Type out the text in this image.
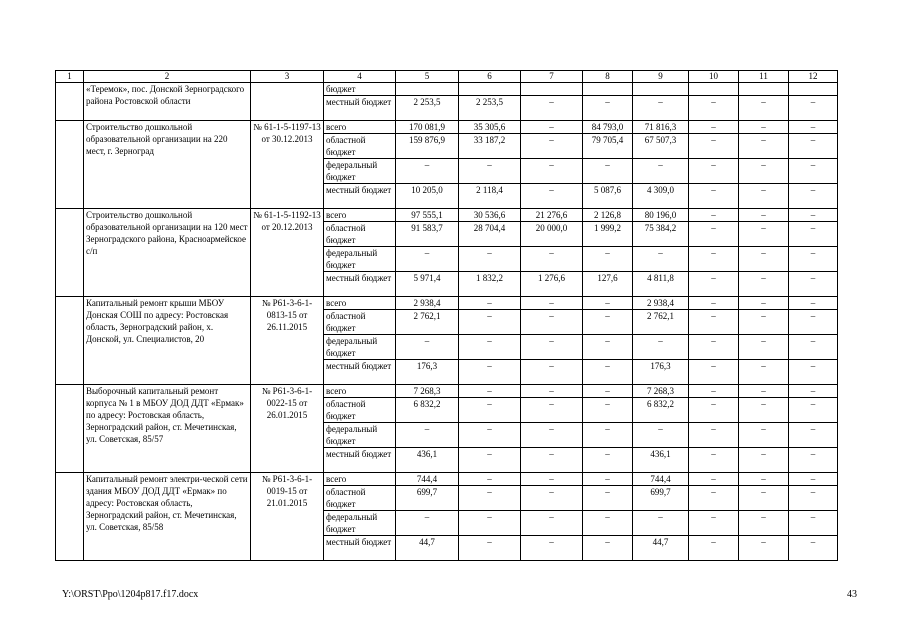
1	2	3	4	5	6	7	8	9	10	11	12
	«Теремок», пос. Донской Зерноградского района Ростовской области		бюджет								
			местный бюджет	2 253,5	2 253,5	–	–	–	–	–	–
	Строительство дошкольной образовательной организации на 220 мест, г. Зерноград	№ 61-1-5-1197-13 от 30.12.2013	всего	170 081,9	35 305,6	–	84 793,0	71 816,3	–	–	–
			областной бюджет	159 876,9	33 187,2	–	79 705,4	67 507,3	–	–	–
			федеральный бюджет	–	–	–	–	–	–	–	–
			местный бюджет	10 205,0	2 118,4	–	5 087,6	4 309,0	–	–	–
	Строительство дошкольной образовательной организации на 120 мест Зерноградского района, Красноармейское с/п	№ 61-1-5-1192-13 от 20.12.2013	всего	97 555,1	30 536,6	21 276,6	2 126,8	80 196,0	–	–	–
			областной бюджет	91 583,7	28 704,4	20 000,0	1 999,2	75 384,2	–	–	–
			федеральный бюджет	–	–	–	–	–	–	–	–
			местный бюджет	5 971,4	1 832,2	1 276,6	127,6	4 811,8	–	–	–
	Капитальный ремонт крыши МБОУ Донская СОШ по адресу: Ростовская область, Зерноградский район, х. Донской, ул. Специалистов, 20	№ Р61-3-6-1-0813-15 от 26.11.2015	всего	2 938,4	–	–	–	2 938,4	–	–	–
			областной бюджет	2 762,1	–	–	–	2 762,1	–	–	–
			федеральный бюджет	–	–	–	–	–	–	–	–
			местный бюджет	176,3	–	–	–	176,3	–	–	–
	Выборочный капитальный ремонт корпуса № 1 в МБОУ ДОД ДДТ «Ермак» по адресу: Ростовская область, Зерноградский район, ст. Мечетинская, ул. Советская, 85/57	№ Р61-3-6-1-0022-15 от 26.01.2015	всего	7 268,3	–	–	–	7 268,3	–	–	–
			областной бюджет	6 832,2	–	–	–	6 832,2	–	–	–
			федеральный бюджет	–	–	–	–	–	–	–	–
			местный бюджет	436,1	–	–	–	436,1	–	–	–
	Капитальный ремонт электри-ческой сети здания МБОУ ДОД ДДТ «Ермак» по адресу: Ростовская область, Зерноградский район, ст. Мечетинская, ул. Советская, 85/58	№ Р61-3-6-1-0019-15 от 21.01.2015	всего	744,4	–	–	–	744,4	–	–	–
			областной бюджет	699,7	–	–	–	699,7	–	–	–
			федеральный бюджет	–	–	–	–	–	–	–	–
			местный бюджет	44,7	–	–	–	44,7	–	–	–
Y:\ORST\Ppo\1204p817.f17.docx	43
